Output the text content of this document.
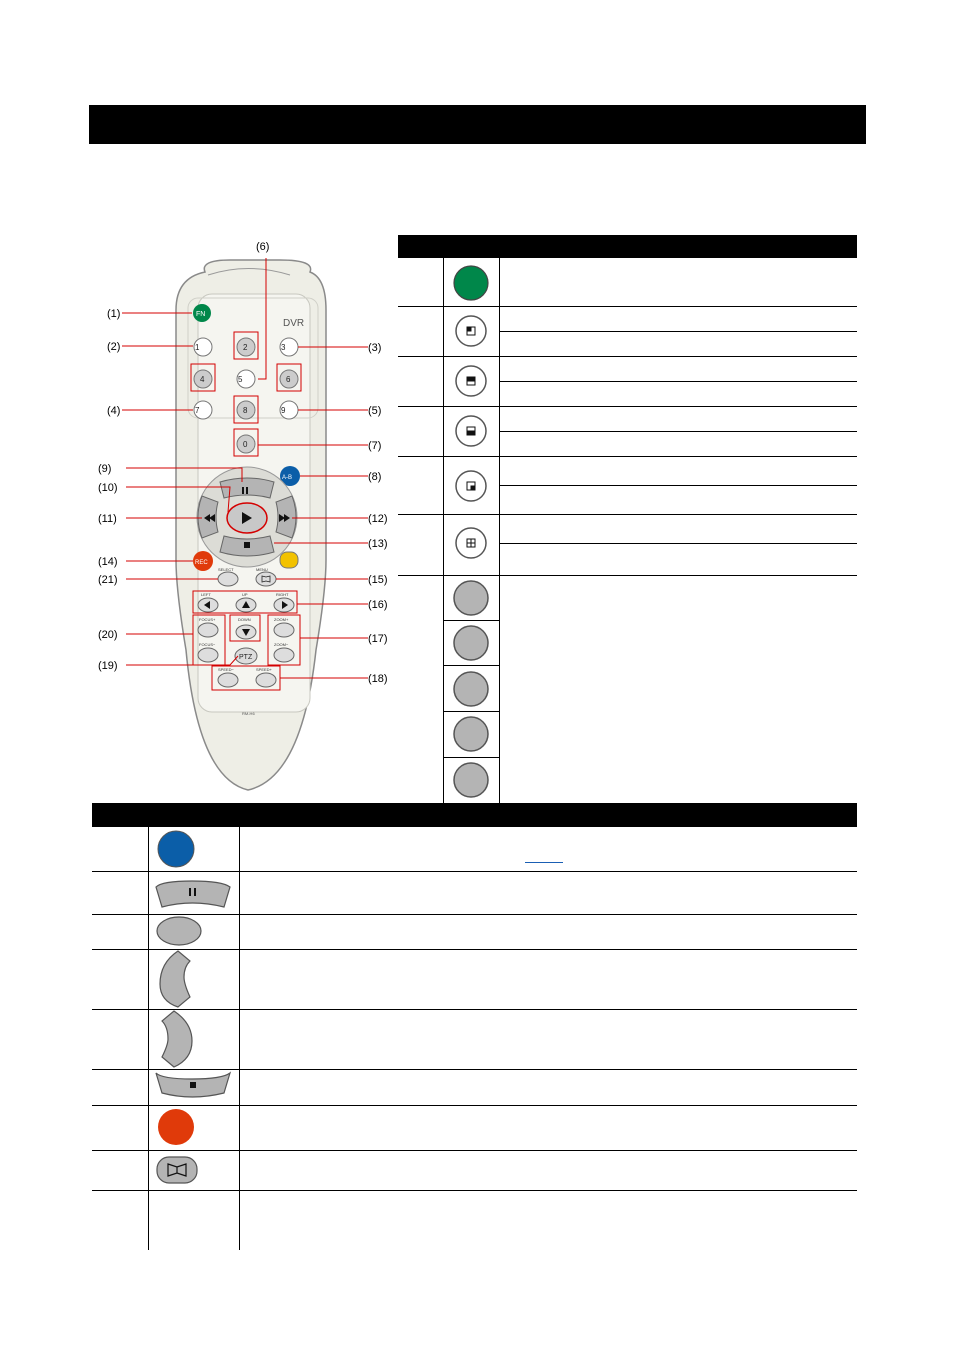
DVR
RM-H6
FN
1	2	3
4	5	6
7	8	9
0
A-B
REC
SELECT	MENU
LEFT	UP	RIGHT
FOCUS+	DOWN	ZOOM+
FOCUS−	ZOOM−
PTZ
SPEED−	SPEED+
(6)
(1)
(2)
(4)
(3)
(5)
(7)
(8)
(9)
(10)
(11)	(12)
(13)
(14)
(21)	(15)
(16)
(17)
(20)
(19)
(18)
